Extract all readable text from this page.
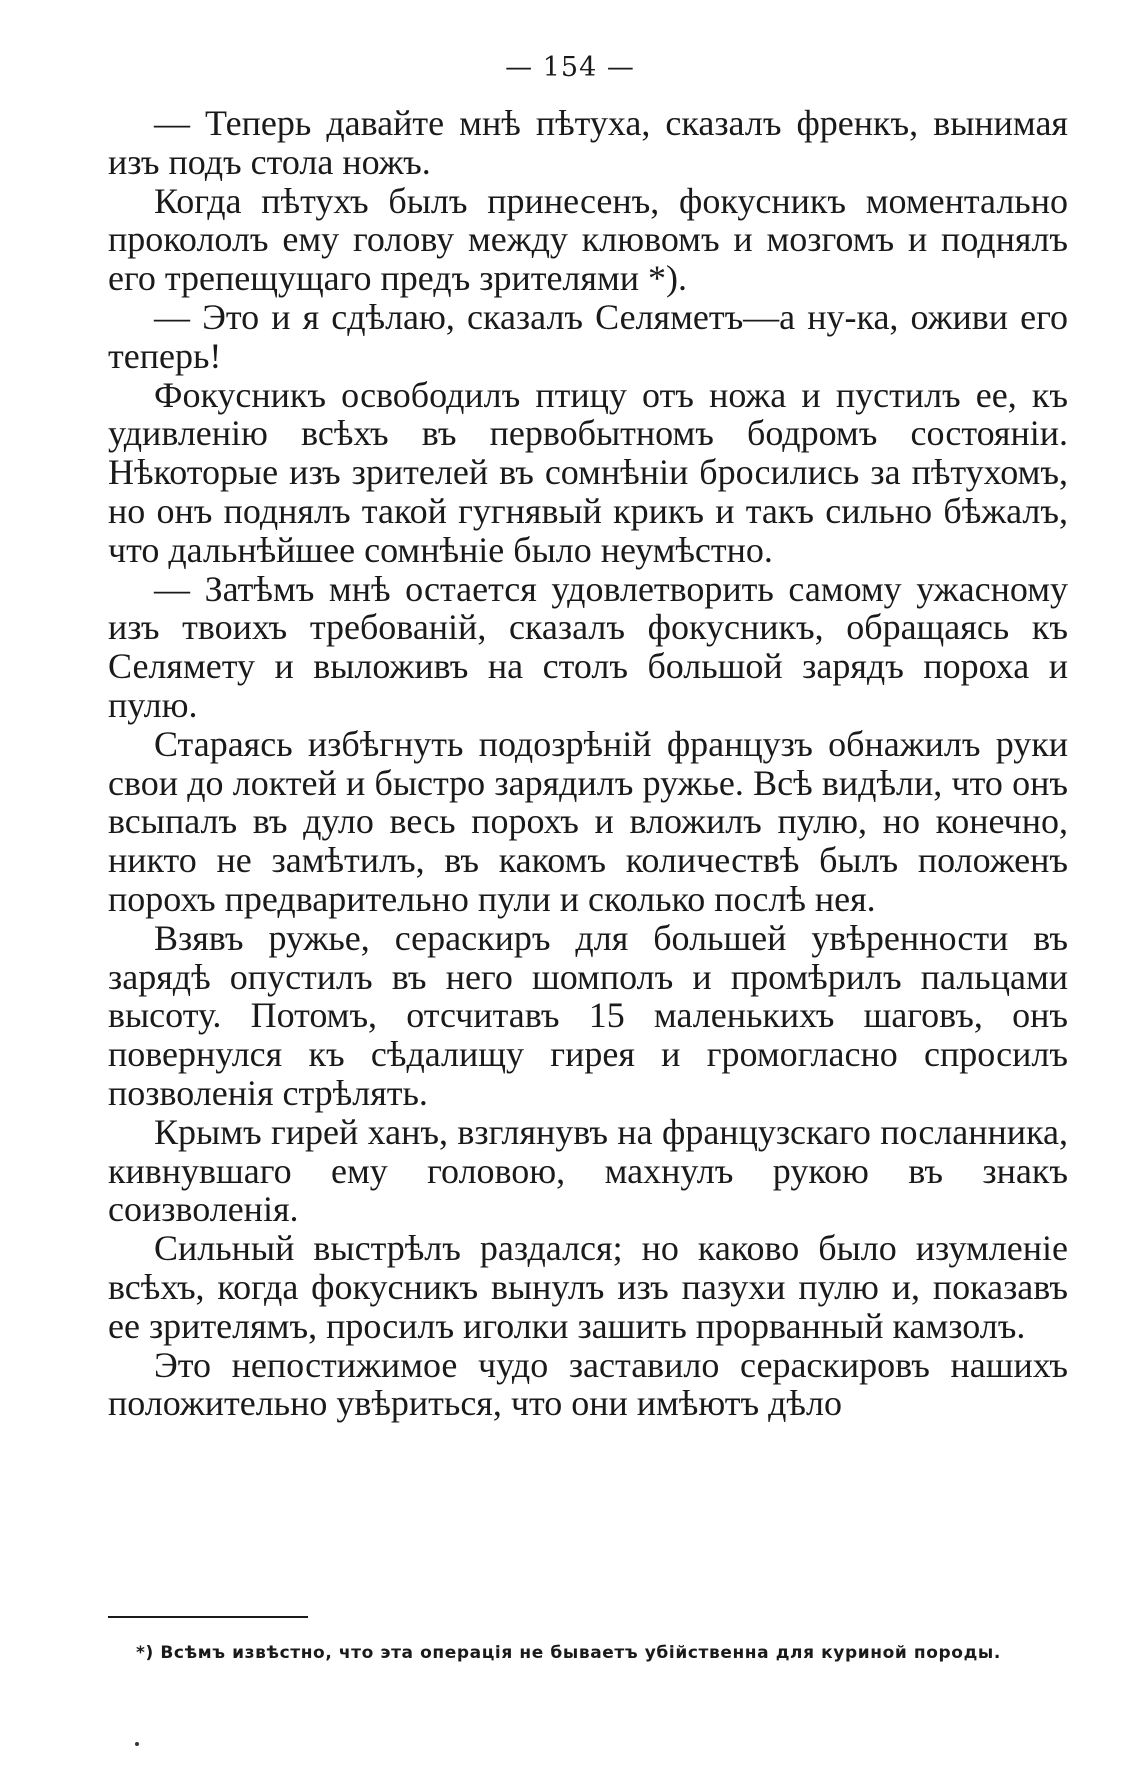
— 154 —

— Теперь давайте мнѣ пѣтуха, сказалъ френкъ, вынимая изъ подъ стола ножъ.

Когда пѣтухъ былъ принесенъ, фокусникъ моментально прокололъ ему голову между клювомъ и мозгомъ и поднялъ его трепещущаго предъ зрителями *).

— Это и я сдѣлаю, сказалъ Селяметъ—а ну-ка, оживи его теперь!

Фокусникъ освободилъ птицу отъ ножа и пустилъ ее, къ удивленію всѣхъ въ первобытномъ бодромъ состояніи. Нѣкоторые изъ зрителей въ сомнѣніи бросились за пѣтухомъ, но онъ поднялъ такой гугнявый крикъ и такъ сильно бѣжалъ, что дальнѣйшее сомнѣніе было неумѣстно.

— Затѣмъ мнѣ остается удовлетворить самому ужасному изъ твоихъ требованій, сказалъ фокусникъ, обращаясь къ Селямету и выложивъ на столъ большой зарядъ пороха и пулю.

Стараясь избѣгнуть подозрѣній французъ обнажилъ руки свои до локтей и быстро зарядилъ ружье. Всѣ видѣли, что онъ всыпалъ въ дуло весь порохъ и вложилъ пулю, но конечно, никто не замѣтилъ, въ какомъ количествѣ былъ положенъ порохъ предварительно пули и сколько послѣ нея.

Взявъ ружье, сераскиръ для большей увѣренности въ зарядѣ опустилъ въ него шомполъ и промѣрилъ пальцами высоту. Потомъ, отсчитавъ 15 маленькихъ шаговъ, онъ повернулся къ сѣдалищу гирея и громогласно спросилъ позволенія стрѣлять.

Крымъ гирей ханъ, взглянувъ на французскаго посланника, кивнувшаго ему головою, махнулъ рукою въ знакъ соизволенія.

Сильный выстрѣлъ раздался; но каково было изумленіе всѣхъ, когда фокусникъ вынулъ изъ пазухи пулю и, показавъ ее зрителямъ, просилъ иголки зашить прорванный камзолъ.

Это непостижимое чудо заставило сераскировъ нашихъ положительно увѣриться, что они имѣютъ дѣло

*) Всѣмъ извѣстно, что эта операція не бываетъ убійственна для куриной породы.
